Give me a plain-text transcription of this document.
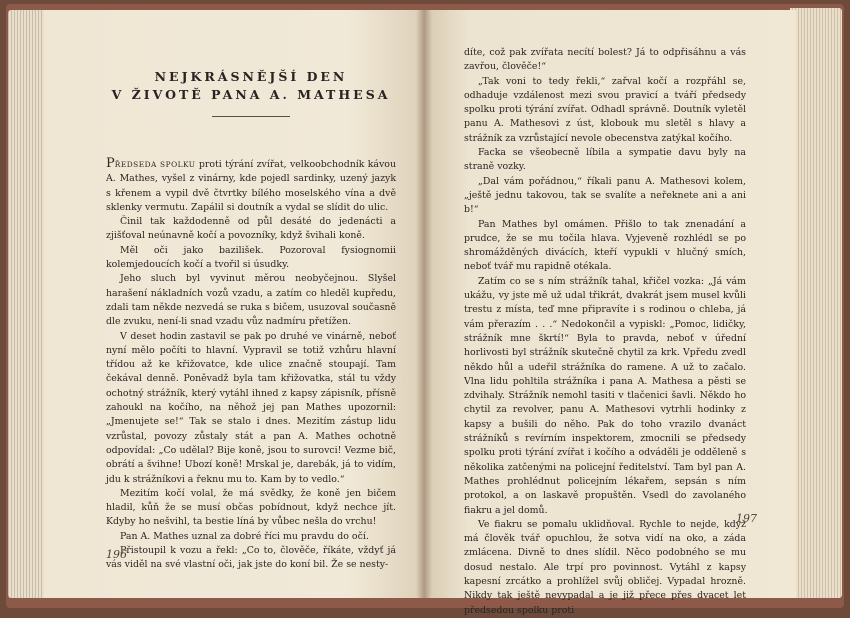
NEJKRÁSNĚJŠÍ DEN
V ŽIVOTĚ PANA A. MATHESA

PŘEDSEDA SPOLKU proti týrání zvířat, velkoobchodník kávou A. Mathes, vyšel z vinárny, kde pojedl sardinky, uzený jazyk s křenem a vypil dvě čtvrtky bílého moselského vína a dvě sklenky vermutu. Zapálil si doutník a vydal se slídit do ulic.

Činil tak každodenně od půl desáté do jedenácti a zjišťoval neúnavně kočí a povozníky, když švihali koně.

Měl oči jako bazilišek. Pozoroval fysiognomii kolemjedoucích kočí a tvořil si úsudky.

Jeho sluch byl vyvinut měrou neobyčejnou. Slyšel harašení nákladních vozů vzadu, a zatím co hleděl kupředu, zdali tam někde nezvedá se ruka s bičem, usuzoval současně dle zvuku, není-li snad vzadu vůz nadmíru přetížen.

V deset hodin zastavil se pak po druhé ve vinárně, neboť nyní mělo počíti to hlavní. Vypravil se totiž vzhůru hlavní třídou až ke křižovatce, kde ulice značně stoupají. Tam čekával denně. Poněvadž byla tam křižovatka, stál tu vždy ochotný strážník, který vytáhl ihned z kapsy zápisník, přísně zahoukl na kočího, na něhož jej pan Mathes upozornil: „Jmenujete se!“ Tak se stalo i dnes. Mezitím zástup lidu vzrůstal, povozy zůstaly stát a pan A. Mathes ochotně odpovídal: „Co udělal? Bije koně, jsou to surovci! Vezme bič, obrátí a švihne! Ubozí koně! Mrskal je, darebák, já to vidím, jdu k strážníkovi a řeknu mu to. Kam by to vedlo.“

Mezitím kočí volal, že má svědky, že koně jen bičem hladil, kůň že se musí občas pobídnout, když nechce jít. Kdyby ho nešvihl, ta bestie líná by vůbec nešla do vrchu!

Pan A. Mathes uznal za dobré říci mu pravdu do očí.

Přistoupil k vozu a řekl: „Co to, člověče, říkáte, vždyť já vás viděl na své vlastní oči, jak jste do koní bil. Že se nesty-

díte, což pak zvířata necítí bolest? Já to odpřisáhnu a vás zavřou, člověče!“

„Tak voni to tedy řekli,“ zařval kočí a rozpřáhl se, odhaduje vzdálenost mezi svou pravicí a tváří předsedy spolku proti týrání zvířat. Odhadl správně. Doutník vyletěl panu A. Mathesovi z úst, klobouk mu sletěl s hlavy a strážník za vzrůstající nevole obecenstva zatýkal kočího.

Facka se všeobecně líbila a sympatie davu byly na straně vozky.

„Dal vám pořádnou,“ říkali panu A. Mathesovi kolem, „ještě jednu takovou, tak se svalíte a neřeknete ani a ani b!“

Pan Mathes byl omámen. Přišlo to tak znenadání a prudce, že se mu točila hlava. Vyjeveně rozhlédl se po shromážděných divácích, kteří vypukli v hlučný smích, neboť tvář mu rapidně otékala.

Zatím co se s ním strážník tahal, křičel vozka: „Já vám ukážu, vy jste mě už udal třikrát, dvakrát jsem musel kvůli trestu z místa, teď mne připravíte i s rodinou o chleba, já vám přerazím . . .“ Nedokončil a vypiskl: „Pomoc, lidičky, strážník mne škrtí!“ Byla to pravda, neboť v úřední horlivosti byl strážník skutečně chytil za krk. Vpředu zvedl někdo hůl a udeřil strážníka do ramene. A už to začalo. Vlna lidu pohltila strážníka i pana A. Mathesa a pěsti se zdvihaly. Strážník nemohl tasiti v tlačenici šavli. Někdo ho chytil za revolver, panu A. Mathesovi vytrhli hodinky z kapsy a bušili do něho. Pak do toho vrazilo dvanáct strážníků s revírním inspektorem, zmocnili se předsedy spolku proti týrání zvířat i kočího a odváděli je odděleně s několika zatčenými na policejní ředitelství. Tam byl pan A. Mathes prohlédnut policejním lékařem, sepsán s ním protokol, a on laskavě propuštěn. Vsedl do zavolaného fiakru a jel domů.

Ve fiakru se pomalu uklidňoval. Rychle to nejde, když má člověk tvář opuchlou, že sotva vidí na oko, a záda zmlácena. Divně to dnes slídil. Něco podobného se mu dosud nestalo. Ale trpí pro povinnost. Vytáhl z kapsy kapesní zrcátko a prohlížel svůj obličej. Vypadal hrozně. Nikdy tak ještě nevypadal a je již přece přes dvacet let předsedou spolku proti

196
197
